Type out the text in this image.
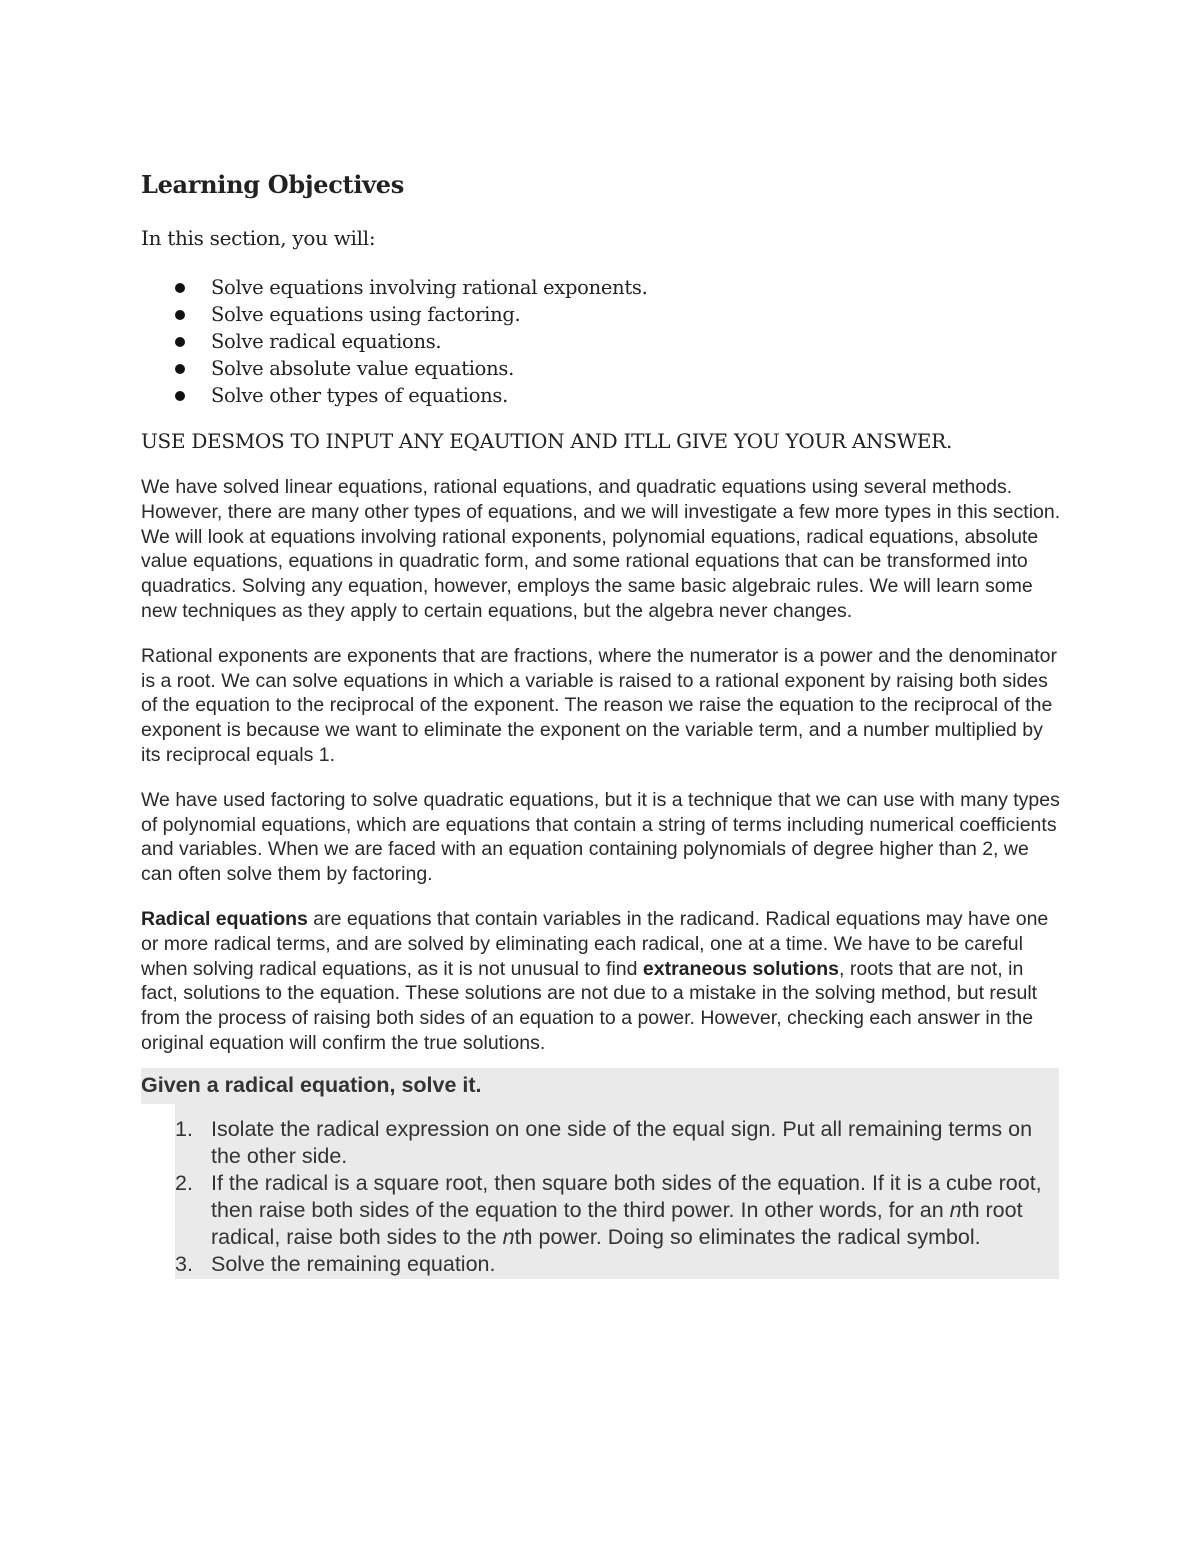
Learning Objectives
In this section, you will:
Solve equations involving rational exponents.
Solve equations using factoring.
Solve radical equations.
Solve absolute value equations.
Solve other types of equations.
USE DESMOS TO INPUT ANY EQAUTION AND ITLL GIVE YOU YOUR ANSWER.

We have solved linear equations, rational equations, and quadratic equations using several methods. However, there are many other types of equations, and we will investigate a few more types in this section. We will look at equations involving rational exponents, polynomial equations, radical equations, absolute value equations, equations in quadratic form, and some rational equations that can be transformed into quadratics. Solving any equation, however, employs the same basic algebraic rules. We will learn some new techniques as they apply to certain equations, but the algebra never changes.

Rational exponents are exponents that are fractions, where the numerator is a power and the denominator is a root. We can solve equations in which a variable is raised to a rational exponent by raising both sides of the equation to the reciprocal of the exponent. The reason we raise the equation to the reciprocal of the exponent is because we want to eliminate the exponent on the variable term, and a number multiplied by its reciprocal equals 1.

We have used factoring to solve quadratic equations, but it is a technique that we can use with many types of polynomial equations, which are equations that contain a string of terms including numerical coefficients and variables. When we are faced with an equation containing polynomials of degree higher than 2, we can often solve them by factoring.

Radical equations are equations that contain variables in the radicand. Radical equations may have one or more radical terms, and are solved by eliminating each radical, one at a time. We have to be careful when solving radical equations, as it is not unusual to find extraneous solutions, roots that are not, in fact, solutions to the equation. These solutions are not due to a mistake in the solving method, but result from the process of raising both sides of an equation to a power. However, checking each answer in the original equation will confirm the true solutions.

Given a radical equation, solve it.
1. Isolate the radical expression on one side of the equal sign. Put all remaining terms on the other side.
2. If the radical is a square root, then square both sides of the equation. If it is a cube root, then raise both sides of the equation to the third power. In other words, for an nth root radical, raise both sides to the nth power. Doing so eliminates the radical symbol.
3. Solve the remaining equation.
